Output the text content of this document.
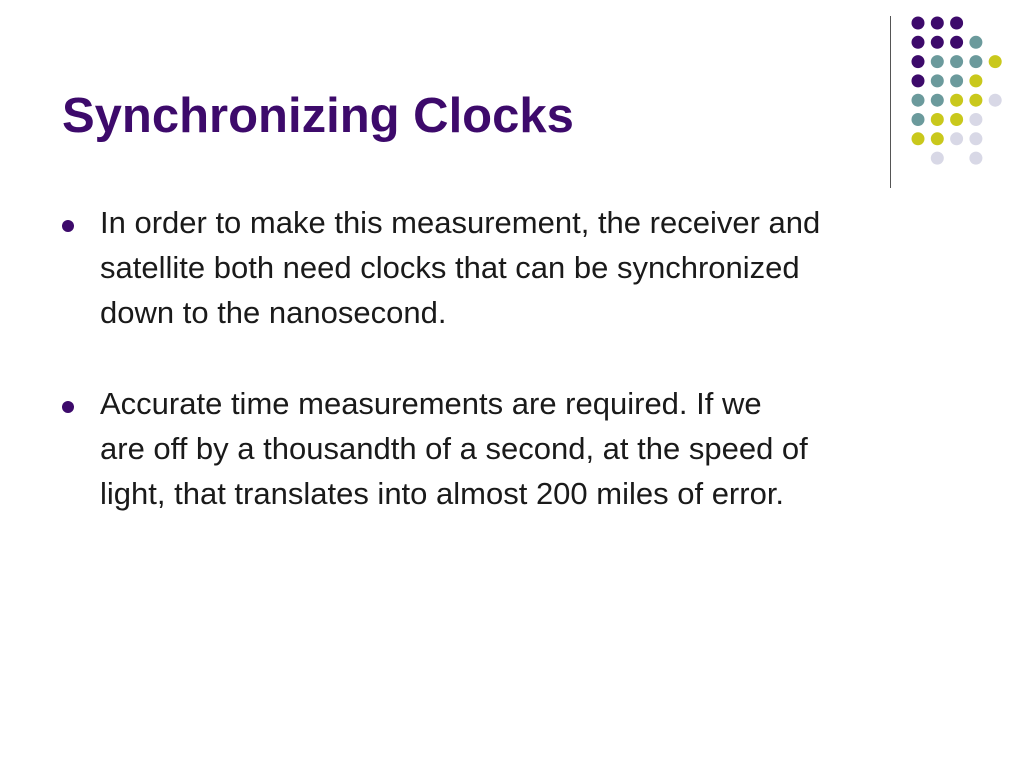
Synchronizing Clocks
In order to make this measurement, the receiver and
satellite both need clocks that can be synchronized
down to the nanosecond.
Accurate time measurements are required. If we
are off by a thousandth of a second, at the speed of
light, that translates into almost 200 miles of error.
